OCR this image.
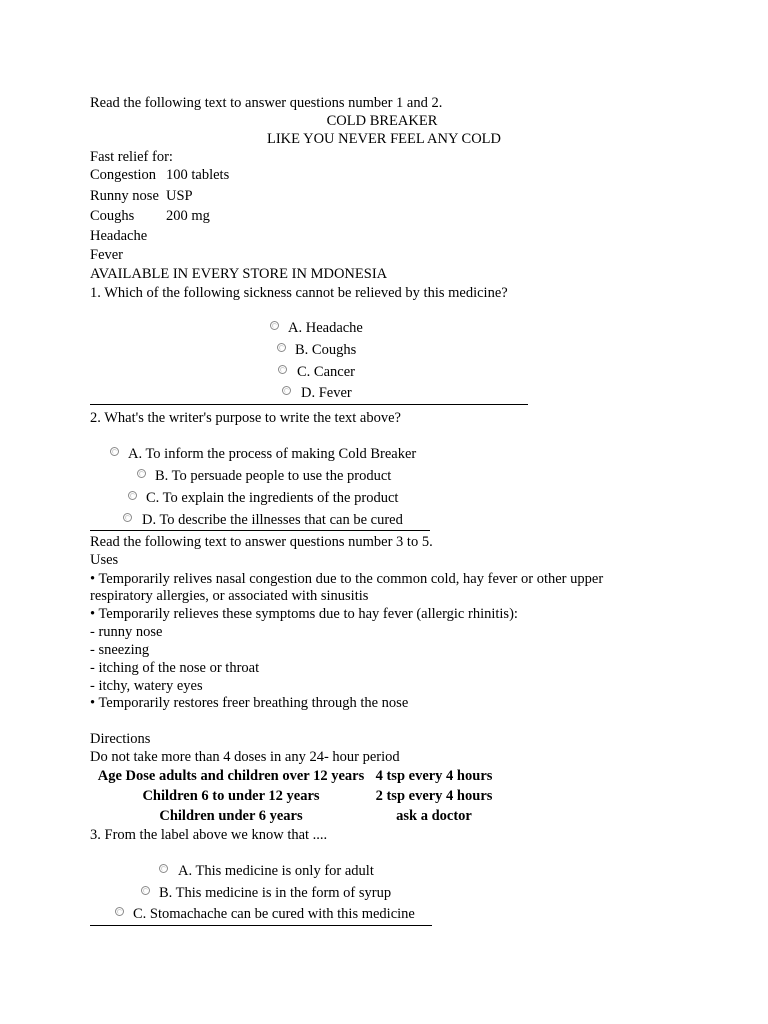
Read the following text to answer questions number 1 and 2.
COLD BREAKER
LIKE YOU NEVER FEEL ANY COLD
Fast relief for:
Congestion 100 tablets
Runny nose USP
Coughs 200 mg
Headache
Fever
AVAILABLE IN EVERY STORE IN MDONESIA
1. Which of the following sickness cannot be relieved by this medicine?
A. Headache
B. Coughs
C. Cancer
D. Fever
2. What's the writer's purpose to write the text above?
A. To inform the process of making Cold Breaker
B. To persuade people to use the product
C. To explain the ingredients of the product
D. To describe the illnesses that can be cured
Read the following text to answer questions number 3 to 5.
Uses
• Temporarily relives nasal congestion due to the common cold, hay fever or other upper
respiratory allergies, or associated with sinusitis
• Temporarily relieves these symptoms due to hay fever (allergic rhinitis):
- runny nose
- sneezing
- itching of the nose or throat
- itchy, watery eyes
• Temporarily restores freer breathing through the nose
Directions
Do not take more than 4 doses in any 24- hour period
Age Dose adults and children over 12 years 4 tsp every 4 hours
Children 6 to under 12 years	2 tsp every 4 hours
Children under 6 years	ask a doctor
3. From the label above we know that ....
A. This medicine is only for adult
B. This medicine is in the form of syrup
C. Stomachache can be cured with this medicine
